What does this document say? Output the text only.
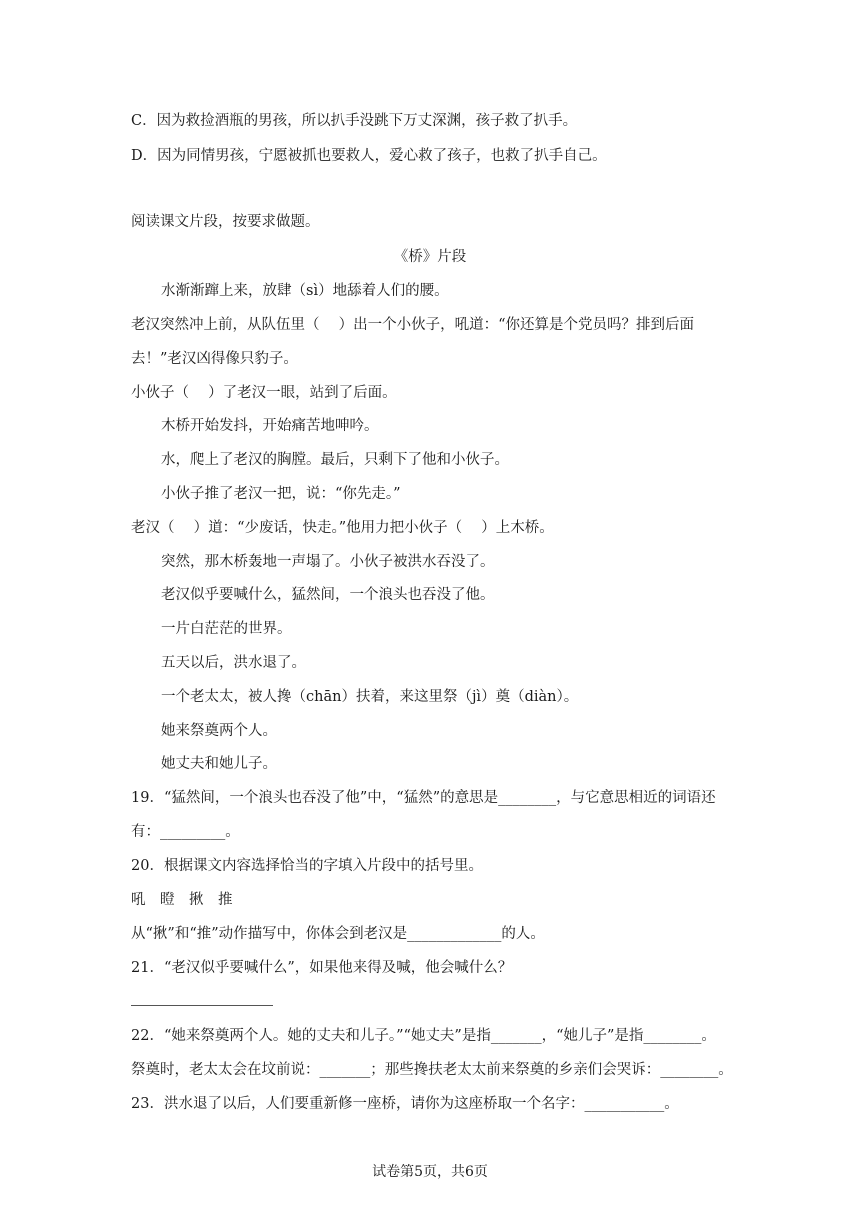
C．因为救捡酒瓶的男孩，所以扒手没跳下万丈深渊，孩子救了扒手。
D．因为同情男孩，宁愿被抓也要救人，爱心救了孩子，也救了扒手自己。
阅读课文片段，按要求做题。
《桥》片段
水渐渐蹿上来，放肆（sì）地舔着人们的腰。
老汉突然冲上前，从队伍里（　 ）出一个小伙子，吼道：“你还算是个党员吗？排到后面
去！”老汉凶得像只豹子。
小伙子（　 ）了老汉一眼，站到了后面。
木桥开始发抖，开始痛苦地呻吟。
水，爬上了老汉的胸膛。最后，只剩下了他和小伙子。
小伙子推了老汉一把，说：“你先走。”
老汉（　 ）道：“少废话，快走。”他用力把小伙子（　 ）上木桥。
突然，那木桥轰地一声塌了。小伙子被洪水吞没了。
老汉似乎要喊什么，猛然间，一个浪头也吞没了他。
一片白茫茫的世界。
五天以后，洪水退了。
一个老太太，被人搀（chān）扶着，来这里祭（jì）奠（diàn）。
她来祭奠两个人。
她丈夫和她儿子。
19．“猛然间，一个浪头也吞没了他”中，“猛然”的意思是________，与它意思相近的词语还
有：_________。
20．根据课文内容选择恰当的字填入片段中的括号里。
吼　瞪　揪　推
从“揪”和“推”动作描写中，你体会到老汉是_____________的人。
21．“老汉似乎要喊什么”，如果他来得及喊，他会喊什么？
22．“她来祭奠两个人。她的丈夫和儿子。”“她丈夫”是指_______，“她儿子”是指________。
祭奠时，老太太会在坟前说：_______；那些搀扶老太太前来祭奠的乡亲们会哭诉：________。
23．洪水退了以后，人们要重新修一座桥，请你为这座桥取一个名字：___________。
试卷第5页，共6页
